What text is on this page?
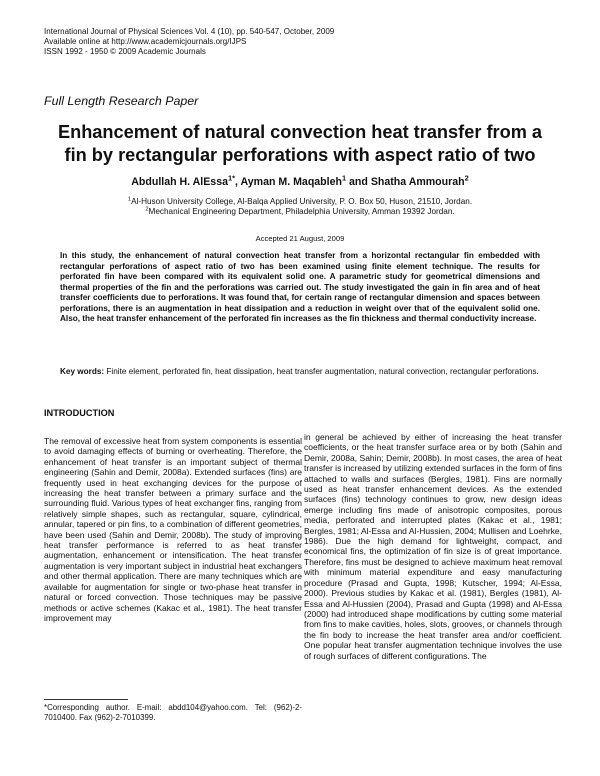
International Journal of Physical Sciences Vol. 4 (10), pp. 540-547, October, 2009
Available online at http://www.academicjournals.org/IJPS
ISSN 1992 - 1950 © 2009 Academic Journals
Full Length Research Paper
Enhancement of natural convection heat transfer from a
fin by rectangular perforations with aspect ratio of two
Abdullah H. AlEssa$^{1*}$, Ayman M. Maqableh$^1$ and Shatha Ammourah$^2$
$^1$Al-Huson University College, Al-Balqa Applied University, P. O. Box 50, Huson, 21510, Jordan.
$^2$Mechanical Engineering Department, Philadelphia University, Amman 19392 Jordan.
Accepted 21 August, 2009
In this study, the enhancement of natural convection heat transfer from a horizontal rectangular fin embedded with rectangular perforations of aspect ratio of two has been examined using finite element technique. The results for perforated fin have been compared with its equivalent solid one. A parametric study for geometrical dimensions and thermal properties of the fin and the perforations was carried out. The study investigated the gain in fin area and of heat transfer coefficients due to perforations. It was found that, for certain range of rectangular dimension and spaces between perforations, there is an augmentation in heat dissipation and a reduction in weight over that of the equivalent solid one. Also, the heat transfer enhancement of the perforated fin increases as the fin thickness and thermal conductivity increase.
Key words: Finite element, perforated fin, heat dissipation, heat transfer augmentation, natural convection, rectangular perforations.
INTRODUCTION
The removal of excessive heat from system components is essential to avoid damaging effects of burning or overheating. Therefore, the enhancement of heat transfer is an important subject of thermal engineering (Sahin and Demir, 2008a). Extended surfaces (fins) are frequently used in heat exchanging devices for the purpose of increasing the heat transfer between a primary surface and the surrounding fluid. Various types of heat exchanger fins, ranging from relatively simple shapes, such as rectangular, square, cylindrical, annular, tapered or pin fins, to a combination of different geometries, have been used (Sahin and Demir, 2008b). The study of improving heat transfer performance is referred to as heat transfer augmentation, enhancement or intensification. The heat transfer augmentation is very important subject in industrial heat exchangers and other thermal application. There are many techniques which are available for augmentation for single or two-phase heat transfer in natural or forced convection. Those techniques may be passive methods or active schemes (Kakac et al., 1981). The heat transfer improvement may
in general be achieved by either of increasing the heat transfer coefficients, or the heat transfer surface area or by both (Sahin and Demir, 2008a, Sahin; Demir, 2008b). In most cases, the area of heat transfer is increased by utilizing extended surfaces in the form of fins attached to walls and surfaces (Bergles, 1981). Fins are normally used as heat transfer enhancement devices. As the extended surfaces (fins) technology continues to grow, new design ideas emerge including fins made of anisotropic composites, porous media, perforated and interrupted plates (Kakac et al., 1981; Bergles, 1981; Al-Essa and Al-Hussien, 2004; Mullisen and Loehrke, 1986). Due the high demand for lightweight, compact, and economical fins, the optimization of fin size is of great importance. Therefore, fins must be designed to achieve maximum heat removal with minimum material expenditure and easy manufacturing procedure (Prasad and Gupta, 1998; Kutscher, 1994; Al-Essa, 2000). Previous studies by Kakac et al. (1981), Bergles (1981), Al-Essa and Al-Hussien (2004), Prasad and Gupta (1998) and Al-Essa (2000) had introduced shape modifications by cutting some material from fins to make cavities, holes, slots, grooves, or channels through the fin body to increase the heat transfer area and/or coefficient. One popular heat transfer augmentation technique involves the use of rough surfaces of different configurations. The
*Corresponding author. E-mail: abdd104@yahoo.com. Tel: (962)-2-7010400. Fax (962)-2-7010399.
